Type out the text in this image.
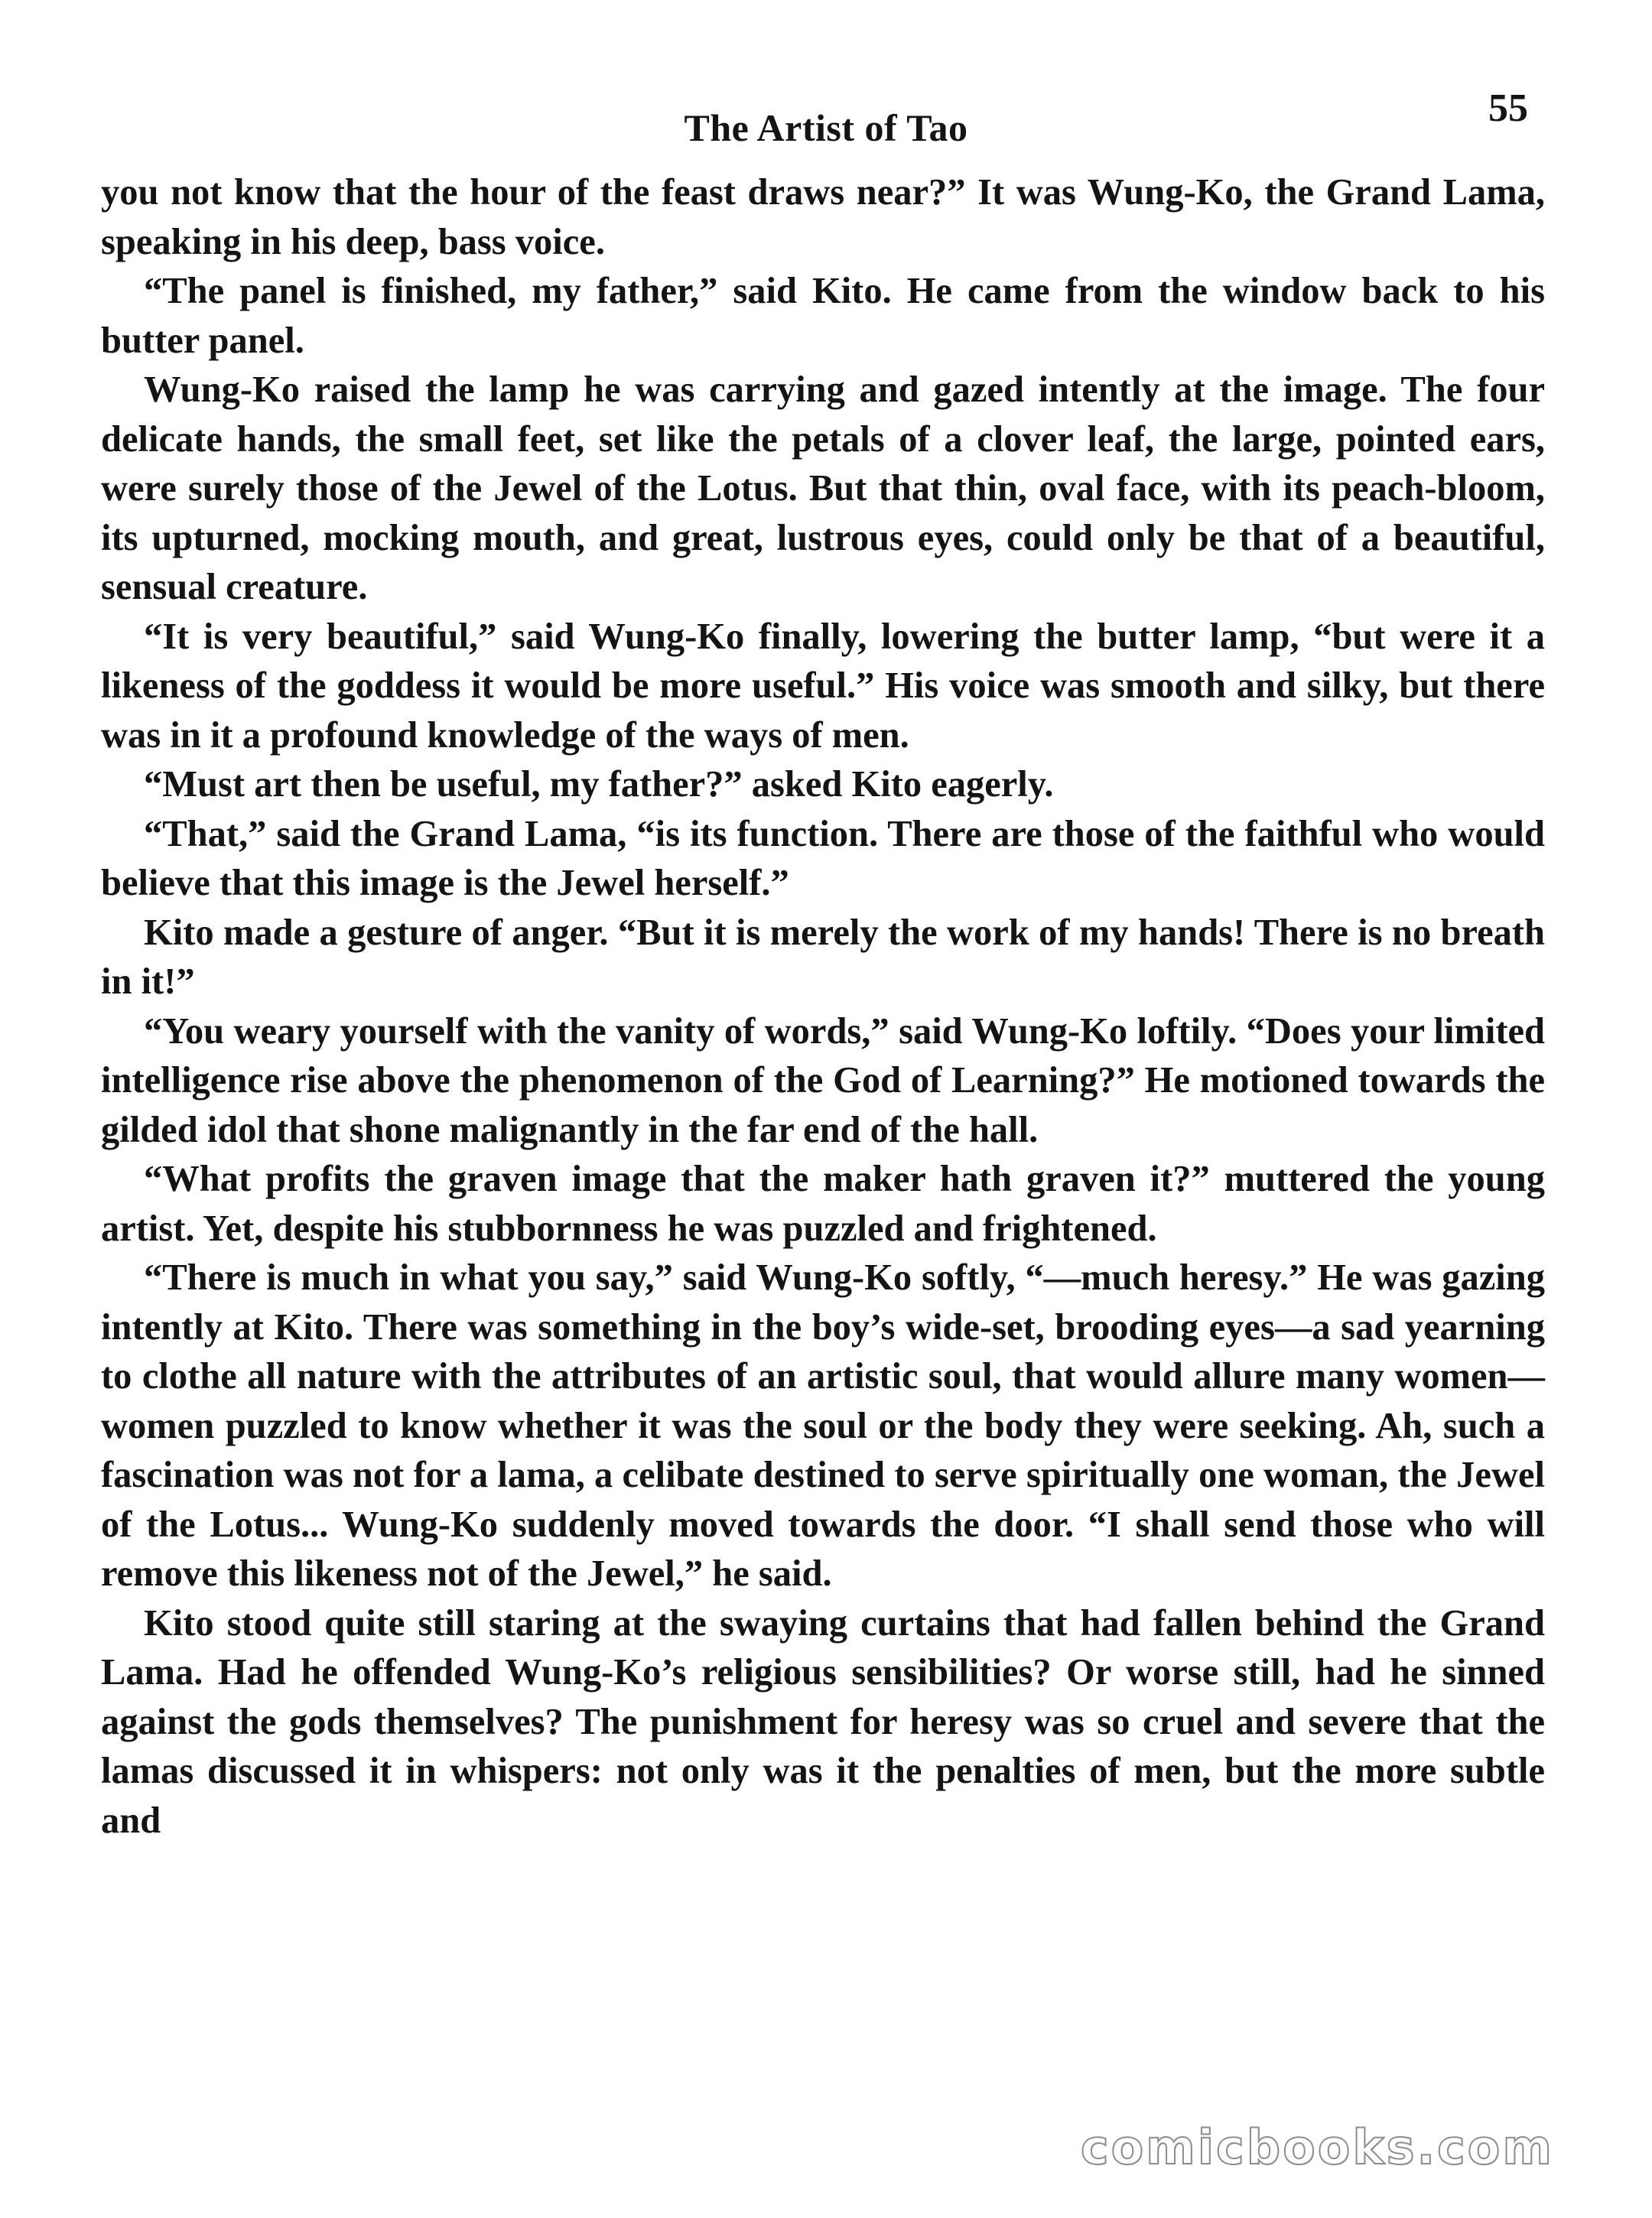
The Artist of Tao	55

you not know that the hour of the feast draws near?” It was Wung-Ko, the Grand Lama, speaking in his deep, bass voice.

“The panel is finished, my father,” said Kito. He came from the window back to his butter panel.

Wung-Ko raised the lamp he was carrying and gazed intently at the image. The four delicate hands, the small feet, set like the petals of a clover leaf, the large, pointed ears, were surely those of the Jewel of the Lotus. But that thin, oval face, with its peach-bloom, its upturned, mocking mouth, and great, lustrous eyes, could only be that of a beautiful, sensual creature.

“It is very beautiful,” said Wung-Ko finally, lowering the butter lamp, “but were it a likeness of the goddess it would be more useful.” His voice was smooth and silky, but there was in it a profound knowledge of the ways of men.

“Must art then be useful, my father?” asked Kito eagerly.

“That,” said the Grand Lama, “is its function. There are those of the faithful who would believe that this image is the Jewel herself.”

Kito made a gesture of anger. “But it is merely the work of my hands! There is no breath in it!”

“You weary yourself with the vanity of words,” said Wung-Ko loftily. “Does your limited intelligence rise above the phenomenon of the God of Learning?” He motioned towards the gilded idol that shone malignantly in the far end of the hall.

“What profits the graven image that the maker hath graven it?” muttered the young artist. Yet, despite his stubbornness he was puzzled and frightened.

“There is much in what you say,” said Wung-Ko softly, “—much heresy.” He was gazing intently at Kito. There was something in the boy’s wide-set, brooding eyes—a sad yearning to clothe all nature with the attributes of an artistic soul, that would allure many women—women puzzled to know whether it was the soul or the body they were seeking. Ah, such a fascination was not for a lama, a celibate destined to serve spiritually one woman, the Jewel of the Lotus... Wung-Ko suddenly moved towards the door. “I shall send those who will remove this likeness not of the Jewel,” he said.

Kito stood quite still staring at the swaying curtains that had fallen behind the Grand Lama. Had he offended Wung-Ko’s religious sensibilities? Or worse still, had he sinned against the gods themselves? The punishment for heresy was so cruel and severe that the lamas discussed it in whispers: not only was it the penalties of men, but the more subtle and

comicbooks.com
